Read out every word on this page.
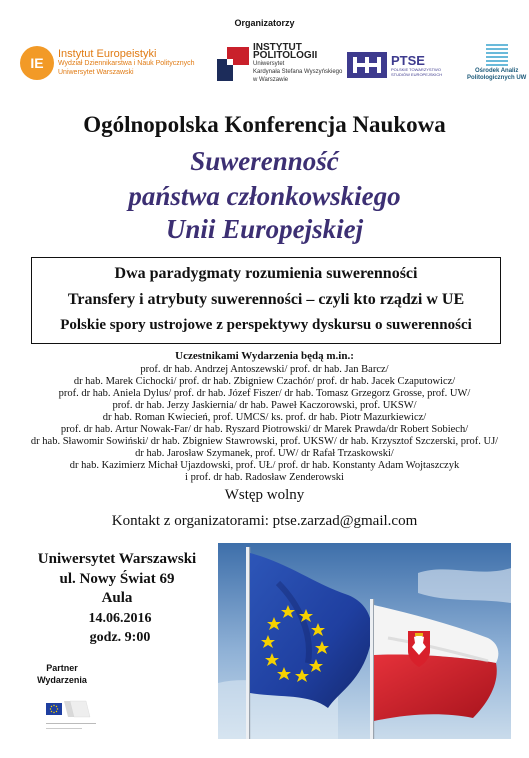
Organizatorzy
IE
Instytut Europeistyki
Wydział Dziennikarstwa i Nauk Politycznych
Uniwersytet Warszawski
INSTYTUT
POLITOLOGII
Uniwersytet
Kardynała Stefana Wyszyńskiego
w Warszawie
PTSE
POLSKIE TOWARZYSTWO STUDIÓW EUROPEJSKICH	Ośrodek Analiz
Politologicznych UW
Ogólnopolska Konferencja Naukowa
Suwerenność
państwa członkowskiego
Unii Europejskiej
Dwa paradygmaty rozumienia suwerenności
Transfery i atrybuty suwerenności – czyli kto rządzi w UE
Polskie spory ustrojowe z perspektywy dyskursu o suwerenności
Uczestnikami Wydarzenia będą m.in.:
prof. dr hab. Andrzej Antoszewski/ prof. dr hab. Jan Barcz/
dr hab. Marek Cichocki/ prof. dr hab. Zbigniew Czachór/ prof. dr hab. Jacek Czaputowicz/
prof. dr hab. Aniela Dylus/ prof. dr hab. Józef Fiszer/ dr hab. Tomasz Grzegorz Grosse, prof. UW/
prof. dr hab. Jerzy Jaskiernia/ dr hab. Paweł Kaczorowski, prof. UKSW/
dr hab. Roman Kwiecień, prof. UMCS/ ks. prof. dr hab. Piotr Mazurkiewicz/
prof. dr hab. Artur Nowak-Far/ dr hab. Ryszard Piotrowski/ dr Marek Prawda/dr Robert Sobiech/
dr hab. Sławomir Sowiński/ dr hab. Zbigniew Stawrowski, prof. UKSW/ dr hab. Krzysztof Szczerski, prof. UJ/
dr hab. Jarosław Szymanek, prof. UW/ dr Rafał Trzaskowski/
dr hab. Kazimierz Michał Ujazdowski, prof. UŁ/ prof. dr hab. Konstanty Adam Wojtaszczyk
i prof. dr hab. Radosław Zenderowski
Wstęp wolny
Kontakt z organizatorami: ptse.zarzad@gmail.com
Uniwersytet Warszawski
ul. Nowy Świat 69
Aula
14.06.2016
godz. 9:00
Partner
Wydarzenia
